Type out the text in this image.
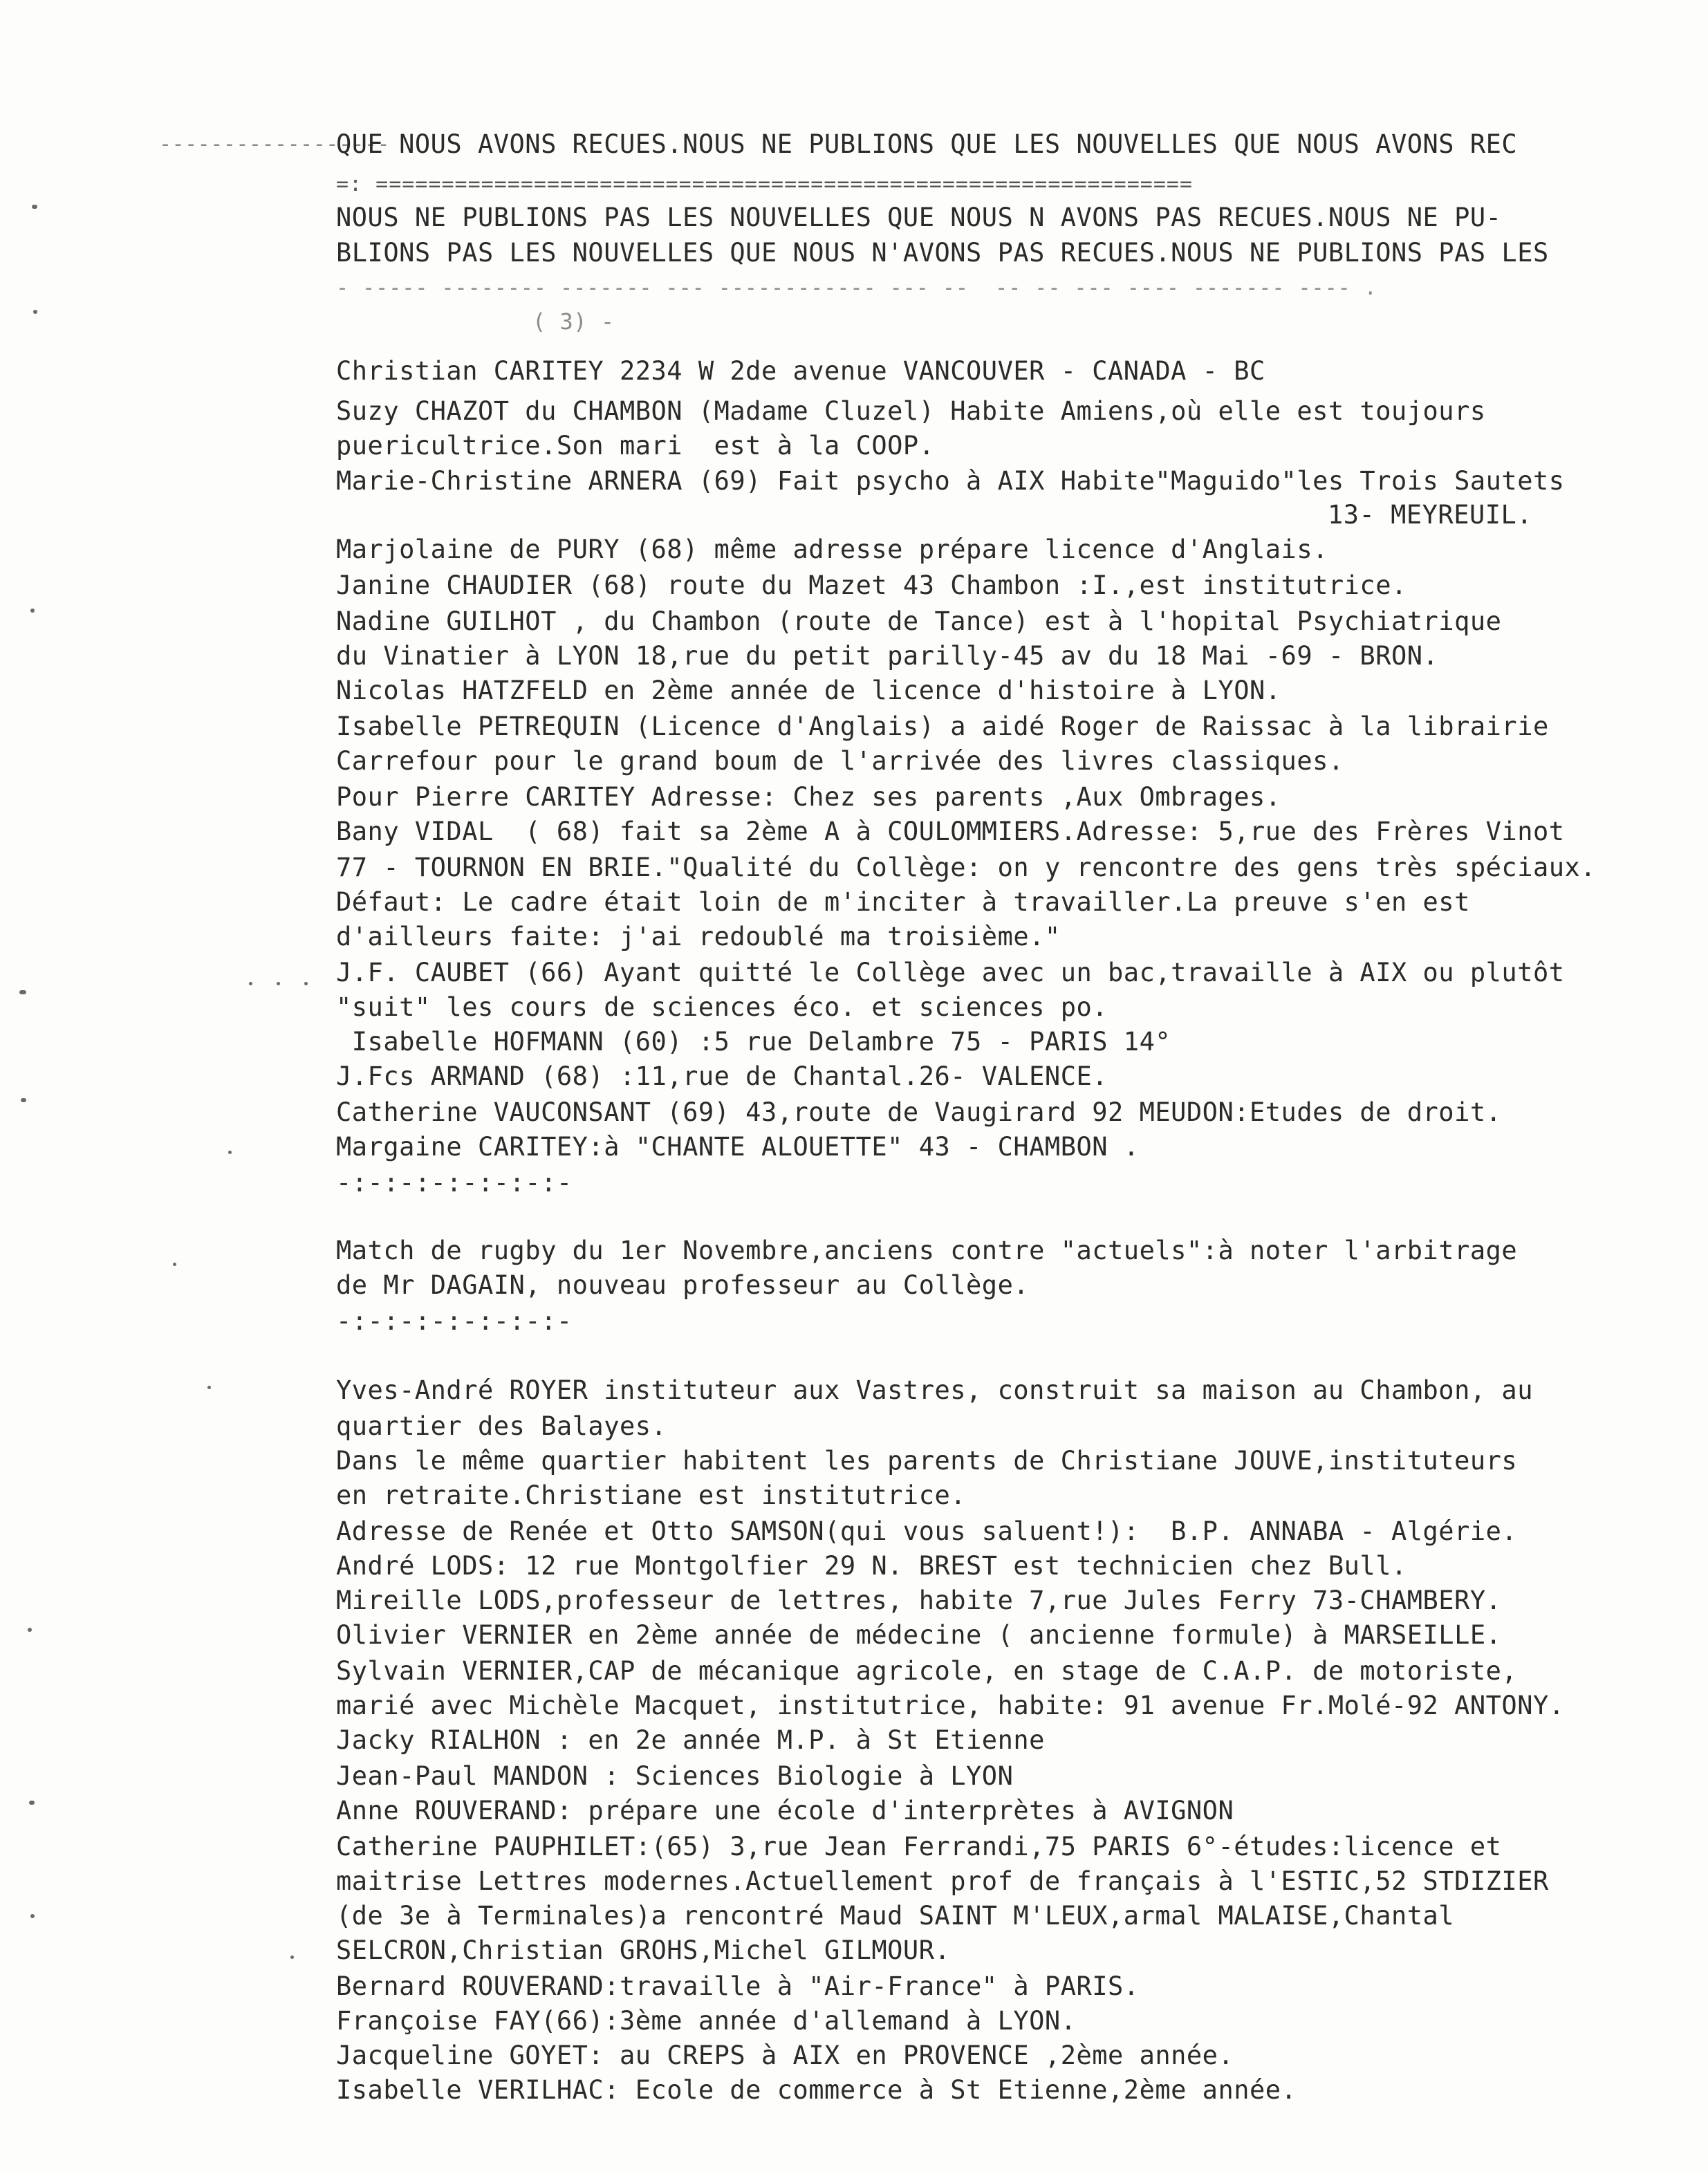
------------------
QUE NOUS AVONS RECUES.NOUS NE PUBLIONS QUE LES NOUVELLES QUE NOUS AVONS REC
=: ==============================================================
NOUS NE PUBLIONS PAS LES NOUVELLES QUE NOUS N AVONS PAS RECUES.NOUS NE PU-
BLIONS PAS LES NOUVELLES QUE NOUS N'AVONS PAS RECUES.NOUS NE PUBLIONS PAS LES
- ----- -------- ------- --- ------------ --- --  -- -- --- ---- ------- ---- .
( 3) -
Christian CARITEY 2234 W 2de avenue VANCOUVER - CANADA - BC
Suzy CHAZOT du CHAMBON (Madame Cluzel) Habite Amiens,où elle est toujours
puericultrice.Son mari  est à la COOP.
Marie-Christine ARNERA (69) Fait psycho à AIX Habite"Maguido"les Trois Sautets
13- MEYREUIL.
Marjolaine de PURY (68) même adresse prépare licence d'Anglais.
Janine CHAUDIER (68) route du Mazet 43 Chambon :I.,est institutrice.
Nadine GUILHOT , du Chambon (route de Tance) est à l'hopital Psychiatrique
du Vinatier à LYON 18,rue du petit parilly-45 av du 18 Mai -69 - BRON.
Nicolas HATZFELD en 2ème année de licence d'histoire à LYON.
Isabelle PETREQUIN (Licence d'Anglais) a aidé Roger de Raissac à la librairie
Carrefour pour le grand boum de l'arrivée des livres classiques.
Pour Pierre CARITEY Adresse: Chez ses parents ,Aux Ombrages.
Bany VIDAL  ( 68) fait sa 2ème A à COULOMMIERS.Adresse: 5,rue des Frères Vinot
77 - TOURNON EN BRIE."Qualité du Collège: on y rencontre des gens très spéciaux.
Défaut: Le cadre était loin de m'inciter à travailler.La preuve s'en est
d'ailleurs faite: j'ai redoublé ma troisième."
J.F. CAUBET (66) Ayant quitté le Collège avec un bac,travaille à AIX ou plutôt
"suit" les cours de sciences éco. et sciences po.
Isabelle HOFMANN (60) :5 rue Delambre 75 - PARIS 14°
J.Fcs ARMAND (68) :11,rue de Chantal.26- VALENCE.
Catherine VAUCONSANT (69) 43,route de Vaugirard 92 MEUDON:Etudes de droit.
Margaine CARITEY:à "CHANTE ALOUETTE" 43 - CHAMBON .
-:-:-:-:-:-:-:-
Match de rugby du 1er Novembre,anciens contre "actuels":à noter l'arbitrage
de Mr DAGAIN, nouveau professeur au Collège.
-:-:-:-:-:-:-:-
Yves-André ROYER instituteur aux Vastres, construit sa maison au Chambon, au
quartier des Balayes.
Dans le même quartier habitent les parents de Christiane JOUVE,instituteurs
en retraite.Christiane est institutrice.
Adresse de Renée et Otto SAMSON(qui vous saluent!):  B.P. ANNABA - Algérie.
André LODS: 12 rue Montgolfier 29 N. BREST est technicien chez Bull.
Mireille LODS,professeur de lettres, habite 7,rue Jules Ferry 73-CHAMBERY.
Olivier VERNIER en 2ème année de médecine ( ancienne formule) à MARSEILLE.
Sylvain VERNIER,CAP de mécanique agricole, en stage de C.A.P. de motoriste,
marié avec Michèle Macquet, institutrice, habite: 91 avenue Fr.Molé-92 ANTONY.
Jacky RIALHON : en 2e année M.P. à St Etienne
Jean-Paul MANDON : Sciences Biologie à LYON
Anne ROUVERAND: prépare une école d'interprètes à AVIGNON
Catherine PAUPHILET:(65) 3,rue Jean Ferrandi,75 PARIS 6°-études:licence et
maitrise Lettres modernes.Actuellement prof de français à l'ESTIC,52 STDIZIER
(de 3e à Terminales)a rencontré Maud SAINT M'LEUX,armal MALAISE,Chantal
SELCRON,Christian GROHS,Michel GILMOUR.
Bernard ROUVERAND:travaille à "Air-France" à PARIS.
Françoise FAY(66):3ème année d'allemand à LYON.
Jacqueline GOYET: au CREPS à AIX en PROVENCE ,2ème année.
Isabelle VERILHAC: Ecole de commerce à St Etienne,2ème année.
